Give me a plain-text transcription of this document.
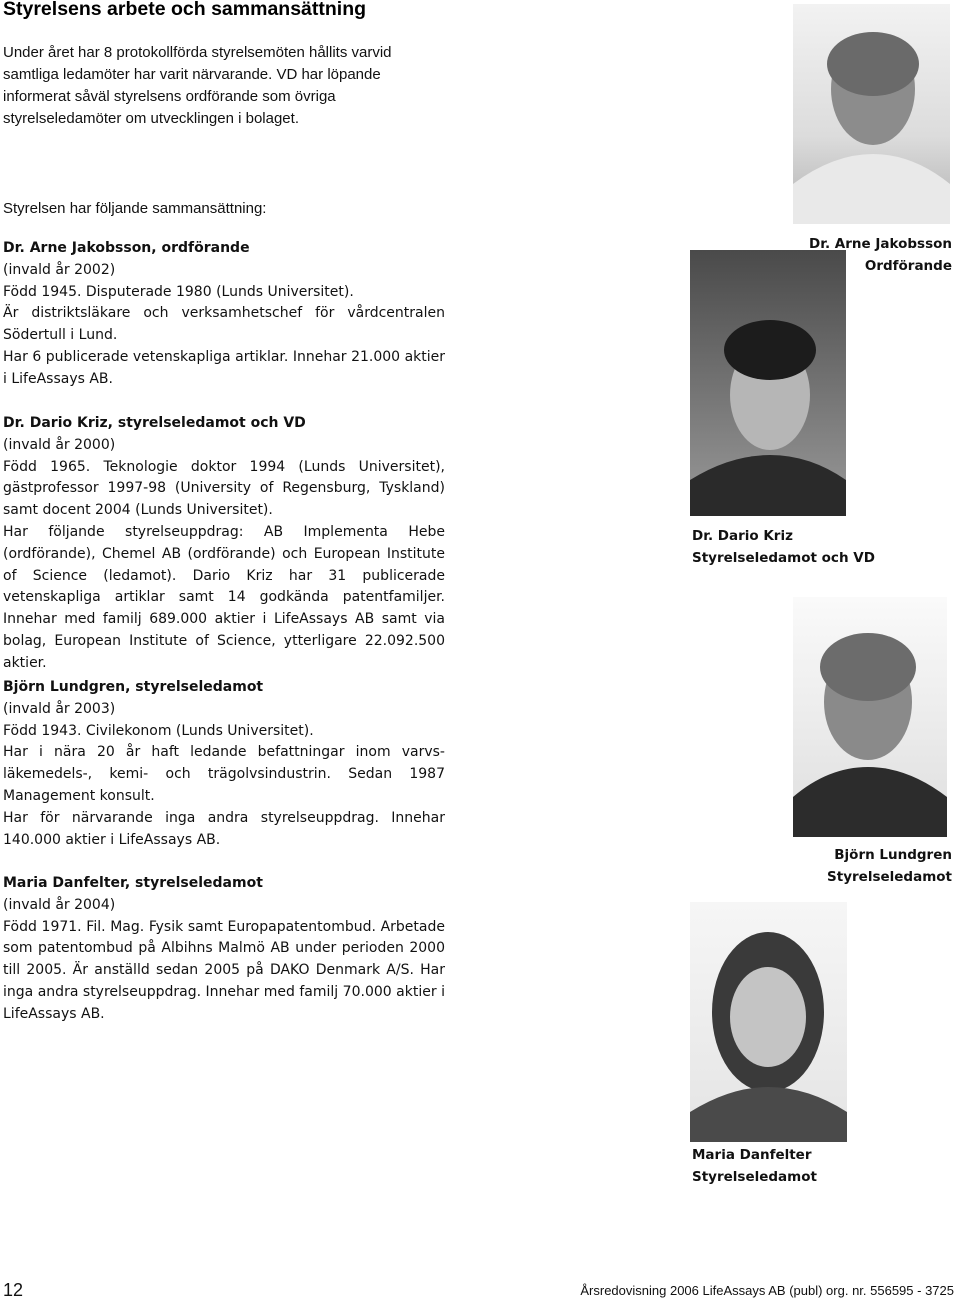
Styrelsens arbete och sammansättning

Under året har 8 protokollförda styrelsemöten hållits varvid samtliga ledamöter har varit närvarande. VD har löpande informerat såväl styrelsens ordförande som övriga styrelseledamöter om utvecklingen i bolaget.

Styrelsen har följande sammansättning:

Dr. Arne Jakobsson, ordförande

(invald år 2002)

Född 1945. Disputerade 1980 (Lunds Universitet).

Är distriktsläkare och verksamhetschef för vårdcentralen Södertull i Lund.

Har 6 publicerade vetenskapliga artiklar. Innehar 21.000 aktier i LifeAssays AB.

Dr. Dario Kriz, styrelseledamot och VD

(invald år 2000)

Född 1965. Teknologie doktor 1994 (Lunds Universitet), gästprofessor 1997-98 (University of Regensburg, Tyskland) samt docent 2004 (Lunds Universitet).

Har följande styrelseuppdrag: AB Implementa Hebe (ordförande), Chemel AB (ordförande) och European Institute of Science (ledamot). Dario Kriz har 31 publicerade vetenskapliga artiklar samt 14 godkända patentfamiljer. Innehar med familj 689.000 aktier i LifeAssays AB samt via bolag, European Institute of Science, ytterligare 22.092.500 aktier.

Björn Lundgren, styrelseledamot

(invald år 2003)

Född 1943. Civilekonom (Lunds Universitet).

Har i nära 20 år haft ledande befattningar inom varvs- läkemedels-, kemi- och trägolvsindustrin. Sedan 1987 Management konsult.

Har för närvarande inga andra styrelseuppdrag. Innehar 140.000 aktier i LifeAssays AB.

Maria Danfelter, styrelseledamot

(invald år 2004)

Född 1971. Fil. Mag. Fysik samt Europapatentombud. Arbetade som patentombud på Albihns Malmö AB under perioden 2000 till 2005. Är anställd sedan 2005 på DAKO Denmark A/S. Har inga andra styrelseuppdrag. Innehar med familj 70.000 aktier i LifeAssays AB.

Dr. Arne Jakobsson
Ordförande
Dr. Dario Kriz
Styrelseledamot och VD
Björn Lundgren
Styrelseledamot
Maria Danfelter
Styrelseledamot

12	Årsredovisning 2006 LifeAssays AB (publ) org. nr. 556595 - 3725
